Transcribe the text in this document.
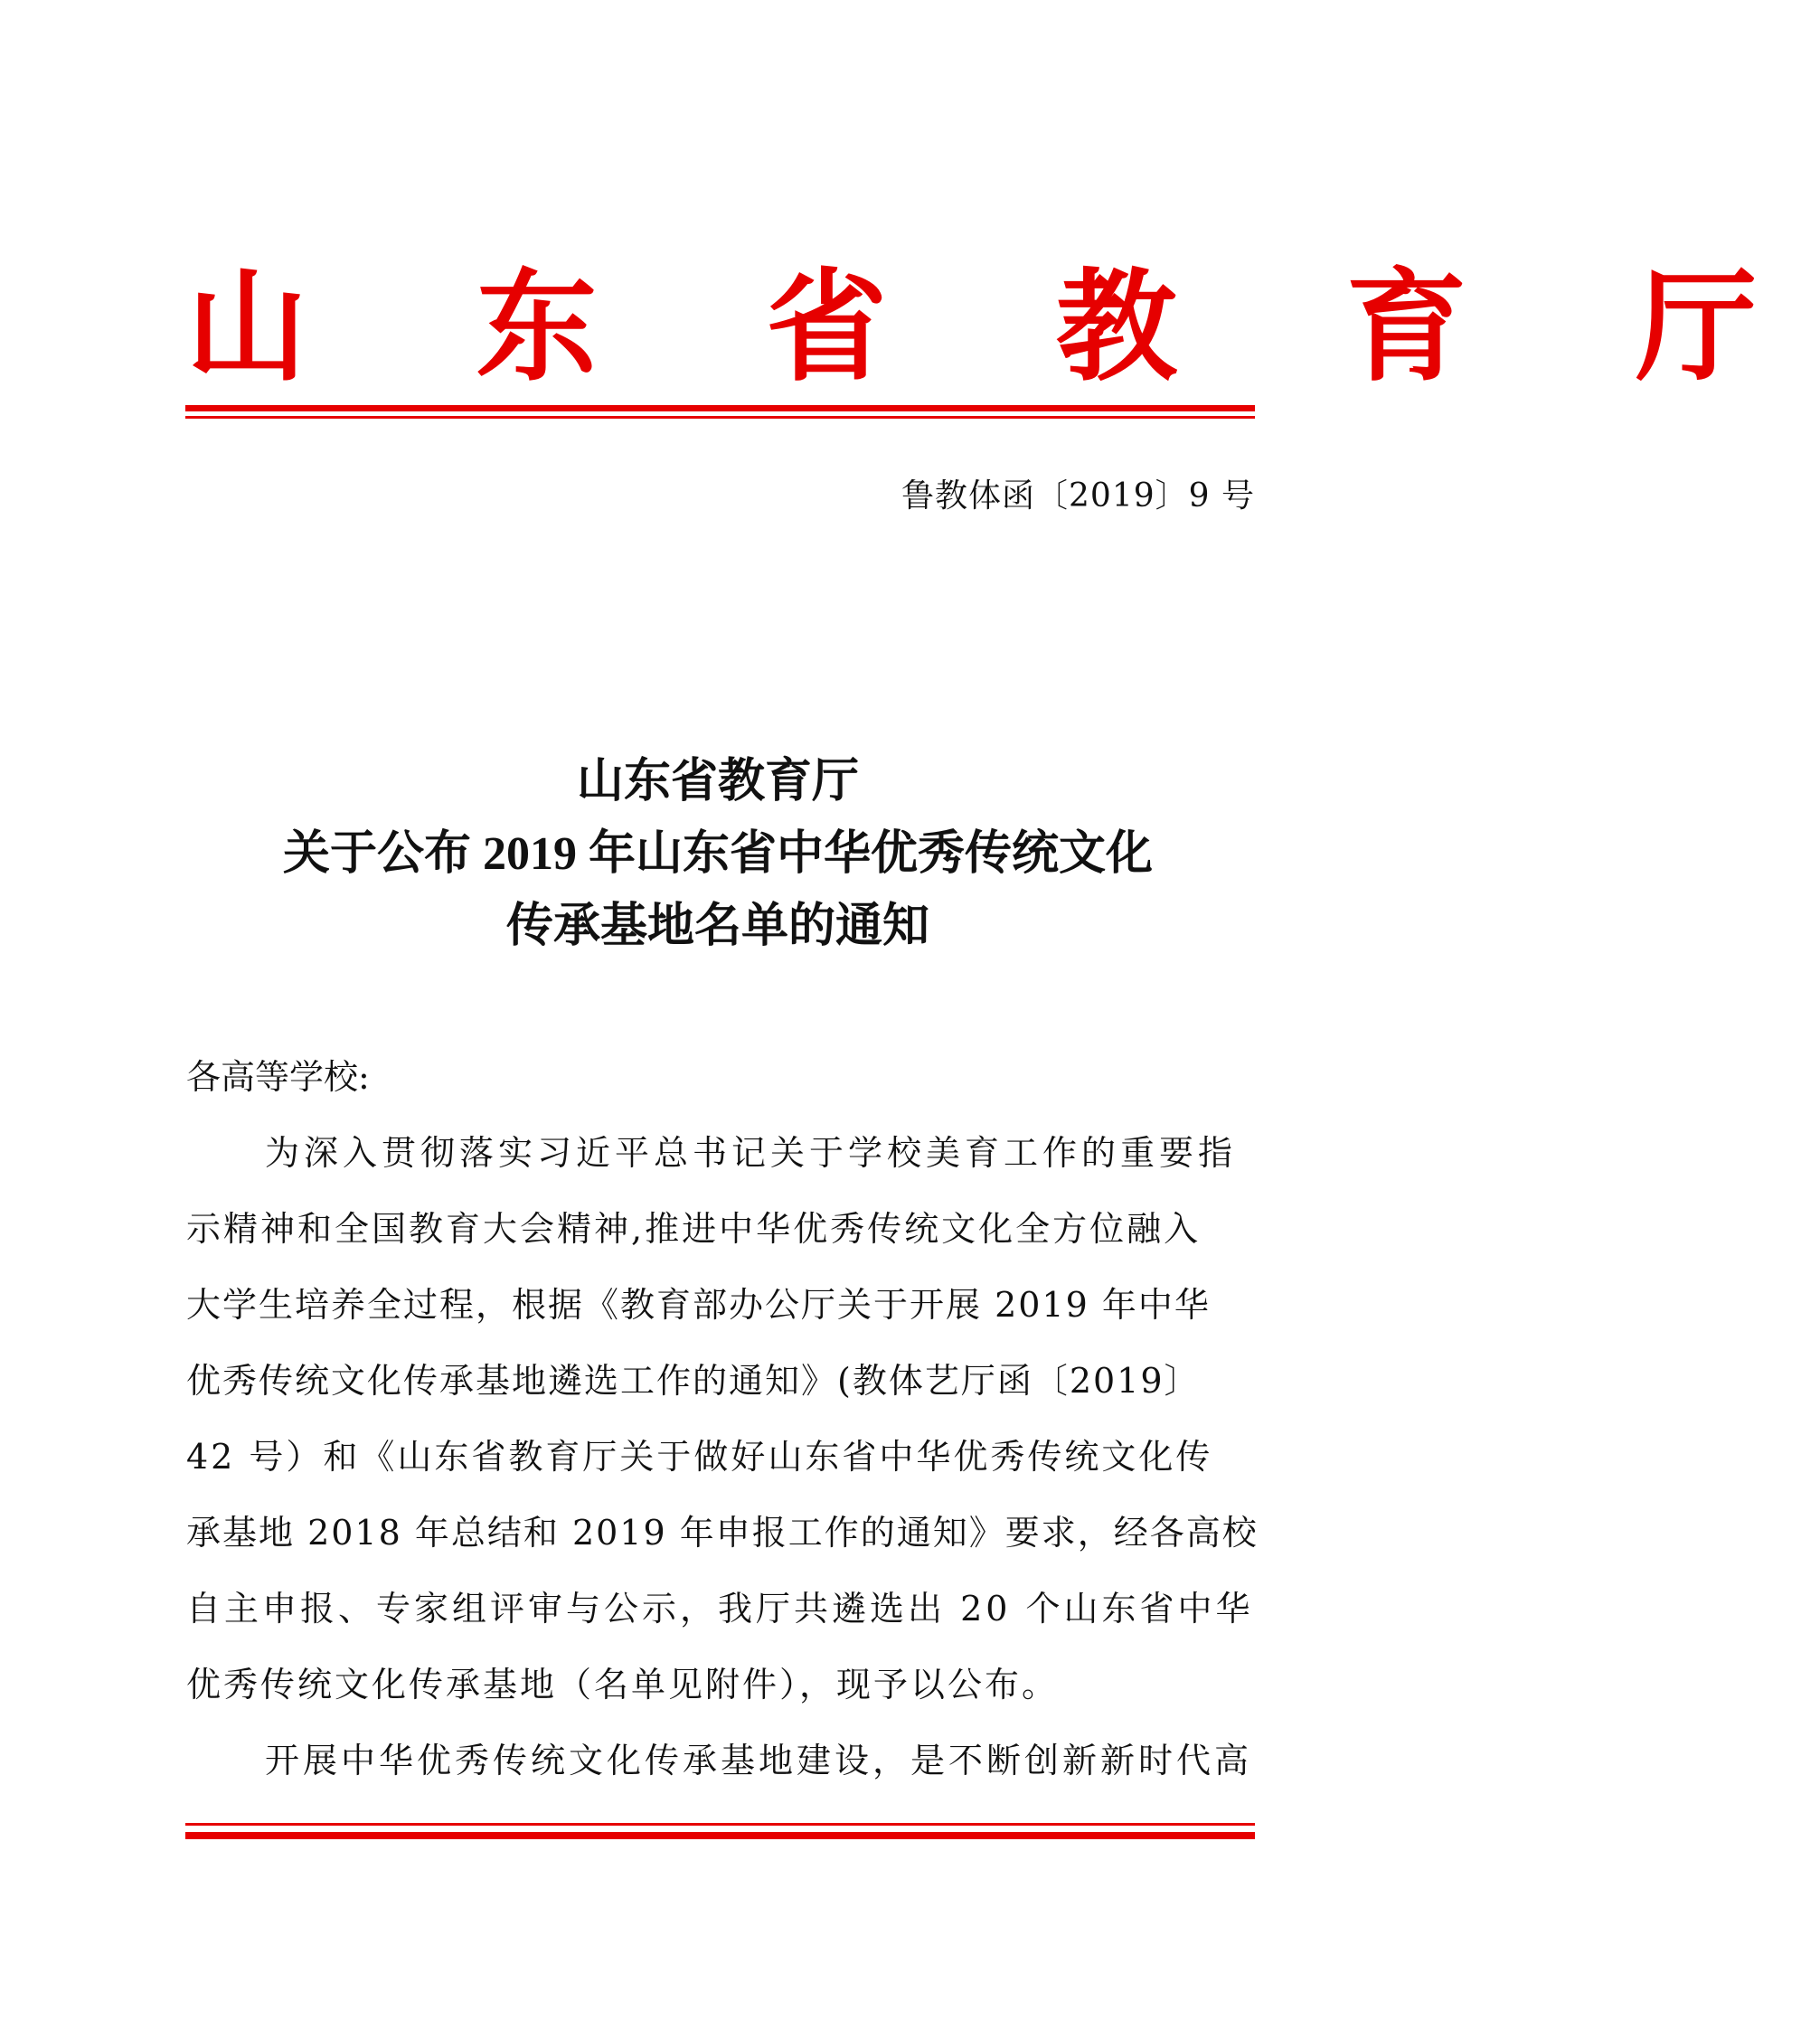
山 东 省 教 育 厅

鲁教体函〔2019〕9 号

山东省教育厅
关于公布 2019 年山东省中华优秀传统文化
传承基地名单的通知

各高等学校:

为深入贯彻落实习近平总书记关于学校美育工作的重要指

示精神和全国教育大会精神,推进中华优秀传统文化全方位融入

大学生培养全过程，根据《教育部办公厅关于开展 2019 年中华

优秀传统文化传承基地遴选工作的通知》(教体艺厅函〔2019〕

42 号）和《山东省教育厅关于做好山东省中华优秀传统文化传

承基地 2018 年总结和 2019 年申报工作的通知》要求，经各高校

自主申报、专家组评审与公示，我厅共遴选出 20 个山东省中华

优秀传统文化传承基地（名单见附件），现予以公布。

开展中华优秀传统文化传承基地建设，是不断创新新时代高
